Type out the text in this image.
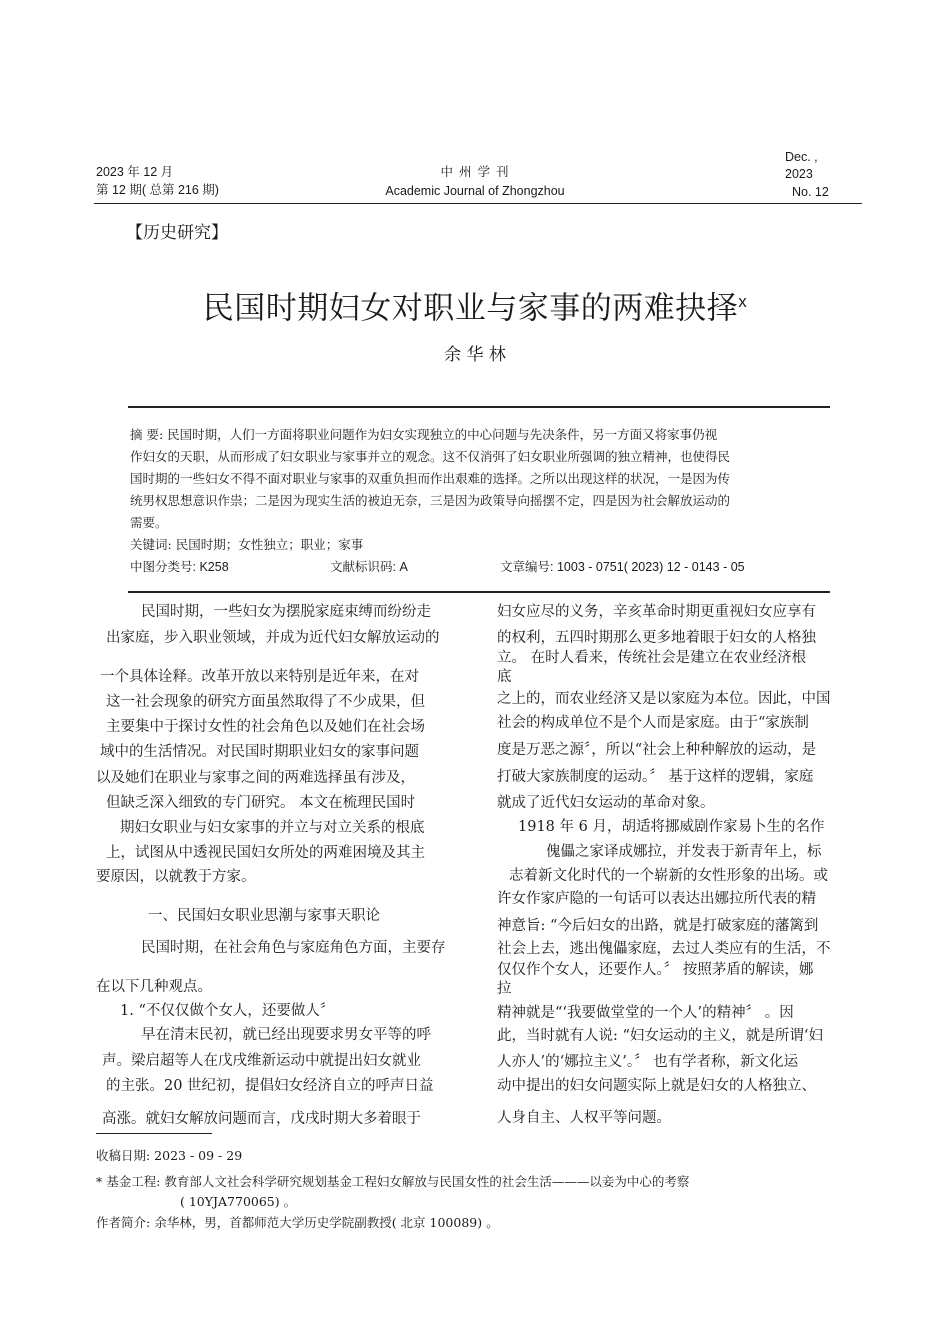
2023 年 12 月
第 12 期( 总第 216 期)
中 州 学 刊
Academic Journal of Zhongzhou
Dec. ,
2023
No. 12
【历史研究】
民国时期妇女对职业与家事的两难抉择$^x$
余 华 林
摘 要: 民国时期，人们一方面将职业问题作为妇女实现独立的中心问题与先决条件，另一方面又将家事仍视
作妇女的天职，从而形成了妇女职业与家事并立的观念。这不仅消弭了妇女职业所强调的独立精神，也使得民
国时期的一些妇女不得不面对职业与家事的双重负担而作出艰难的选择。之所以出现这样的状况，一是因为传
统男权思想意识作祟；二是因为现实生活的被迫无奈，三是因为政策导向摇摆不定，四是因为社会解放运动的
需要。
关键词: 民国时期；女性独立；职业；家事
中图分类号: K258	文献标识码: A	文章编号: 1003 - 0751( 2023) 12 - 0143 - 05
民国时期，一些妇女为摆脱家庭束缚而纷纷走
出家庭，步入职业领域，并成为近代妇女解放运动的
一个具体诠释。改革开放以来特别是近年来，在对
这一社会现象的研究方面虽然取得了不少成果，但
主要集中于探讨女性的社会角色以及她们在社会场
域中的生活情况。对民国时期职业妇女的家事问题
以及她们在职业与家事之间的两难选择虽有涉及，
但缺乏深入细致的专门研究。 本文在梳理民国时
期妇女职业与妇女家事的并立与对立关系的根底
上，试图从中透视民国妇女所处的两难困境及其主
要原因，以就教于方家。
一、民国妇女职业思潮与家事天职论
民国时期，在社会角色与家庭角色方面，主要存
在以下几种观点。
1. “不仅仅做个女人，还要做人〞
早在清末民初，就已经出现要求男女平等的呼
声。梁启超等人在戊戌维新运动中就提出妇女就业
的主张。20 世纪初，提倡妇女经济自立的呼声日益
高涨。就妇女解放问题而言，戊戌时期大多着眼于
妇女应尽的义务，辛亥革命时期更重视妇女应享有
的权利，五四时期那么更多地着眼于妇女的人格独
立。 在时人看来，传统社会是建立在农业经济根
底
之上的，而农业经济又是以家庭为本位。因此，中国
社会的构成单位不是个人而是家庭。由于“家族制
度是万恶之源〞，所以“社会上种种解放的运动，是
打破大家族制度的运动。〞 基于这样的逻辑，家庭
就成了近代妇女运动的革命对象。
1918 年 6 月，胡适将挪威剧作家易卜生的名作
傀儡之家译成娜拉，并发表于新青年上，标
志着新文化时代的一个崭新的女性形象的出场。或
许女作家庐隐的一句话可以表达出娜拉所代表的精
神意旨: “今后妇女的出路，就是打破家庭的藩篱到
社会上去，逃出傀儡家庭，去过人类应有的生活，不
仅仅作个女人，还要作人。〞 按照茅盾的解读，娜
拉
精神就是“‘我要做堂堂的一个人’的精神〞 。因
此，当时就有人说: “妇女运动的主义，就是所谓‘妇
人亦人’的‘娜拉主义’。〞 也有学者称，新文化运
动中提出的妇女问题实际上就是妇女的人格独立、
人身自主、人权平等问题。
收稿日期: 2023 - 09 - 29
* 基金工程: 教育部人文社会科学研究规划基金工程妇女解放与民国女性的社会生活———以妾为中心的考察
( 10YJA770065) 。
作者简介: 余华林，男，首都师范大学历史学院副教授( 北京 100089) 。
